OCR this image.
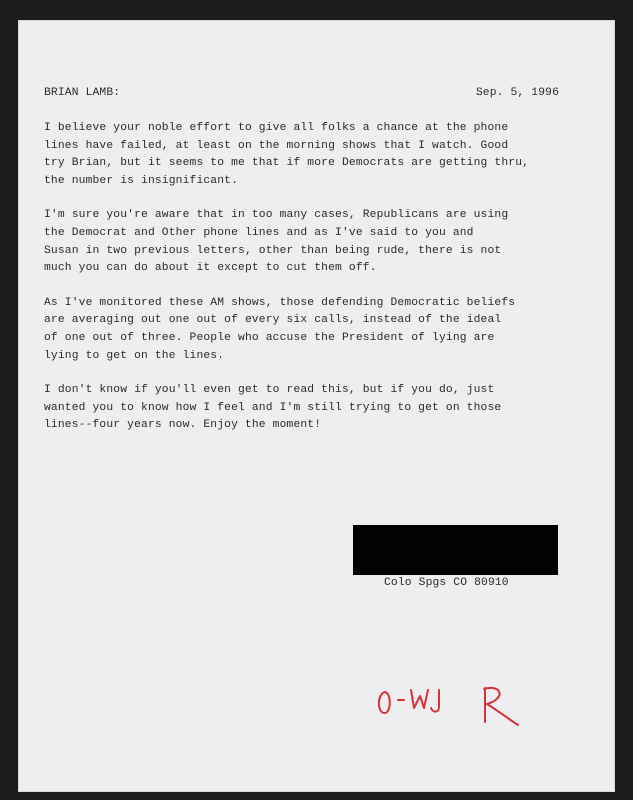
BRIAN LAMB:	Sep. 5, 1996
I believe your noble effort to give all folks a chance at the phone
lines have failed, at least on the morning shows that I watch. Good
try Brian, but it seems to me that if more Democrats are getting thru,
the number is insignificant.
I'm sure you're aware that in too many cases, Republicans are using
the Democrat and Other phone lines and as I've said to you and
Susan in two previous letters, other than being rude, there is not
much you can do about it except to cut them off.
As I've monitored these AM shows, those defending Democratic beliefs
are averaging out one out of every six calls, instead of the ideal
of one out of three. People who accuse the President of lying are
lying to get on the lines.
I don't know if you'll even get to read this, but if you do, just
wanted you to know how I feel and I'm still trying to get on those
lines--four years now. Enjoy the moment!
Colo Spgs CO 80910
